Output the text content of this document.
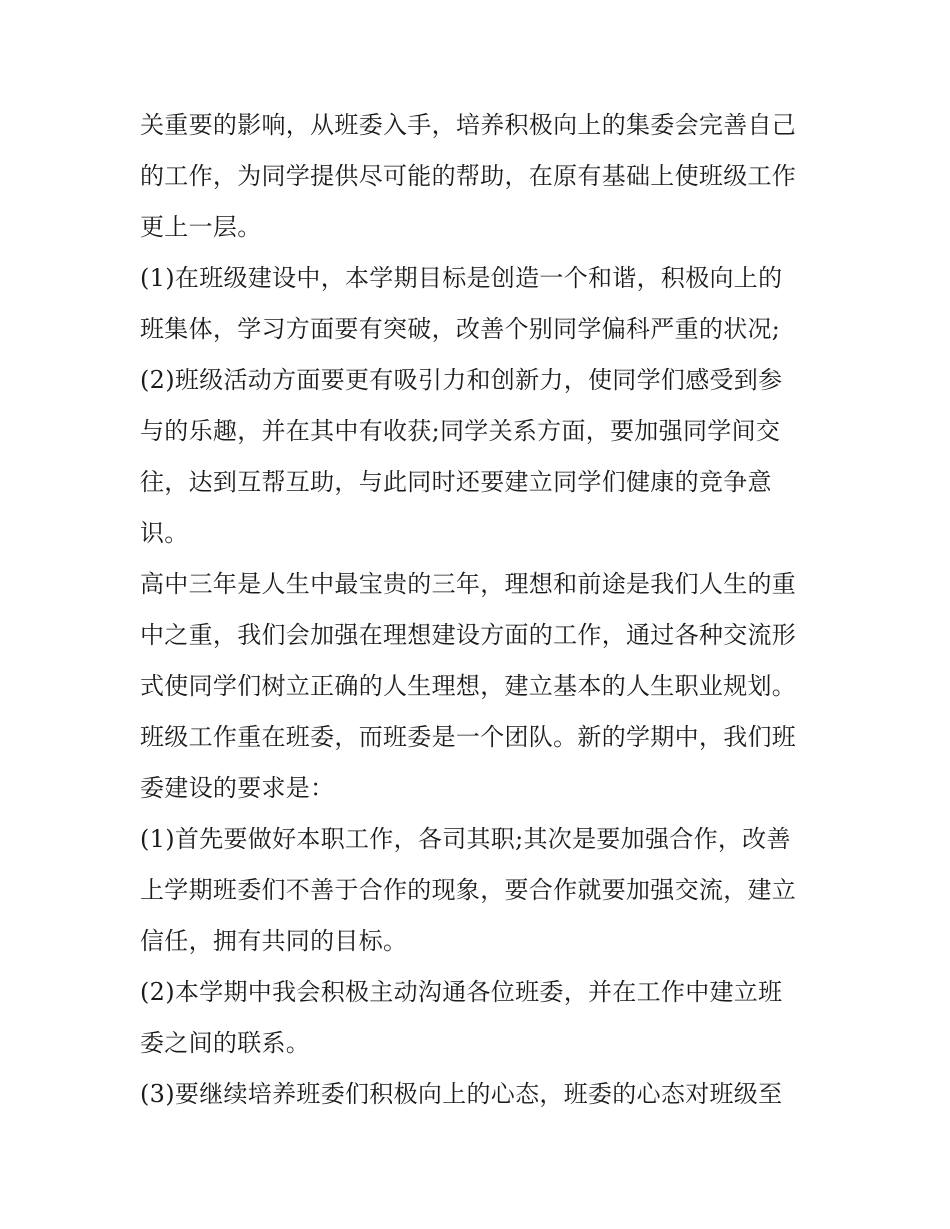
关重要的影响，从班委入手，培养积极向上的集委会完善自己
的工作，为同学提供尽可能的帮助，在原有基础上使班级工作
更上一层。
(1)在班级建设中，本学期目标是创造一个和谐，积极向上的
班集体，学习方面要有突破，改善个别同学偏科严重的状况;
(2)班级活动方面要更有吸引力和创新力，使同学们感受到参
与的乐趣，并在其中有收获;同学关系方面，要加强同学间交
往，达到互帮互助，与此同时还要建立同学们健康的竞争意
识。
高中三年是人生中最宝贵的三年，理想和前途是我们人生的重
中之重，我们会加强在理想建设方面的工作，通过各种交流形
式使同学们树立正确的人生理想，建立基本的人生职业规划。
班级工作重在班委，而班委是一个团队。新的学期中，我们班
委建设的要求是：
(1)首先要做好本职工作，各司其职;其次是要加强合作，改善
上学期班委们不善于合作的现象，要合作就要加强交流，建立
信任，拥有共同的目标。
(2)本学期中我会积极主动沟通各位班委，并在工作中建立班
委之间的联系。
(3)要继续培养班委们积极向上的心态，班委的心态对班级至
